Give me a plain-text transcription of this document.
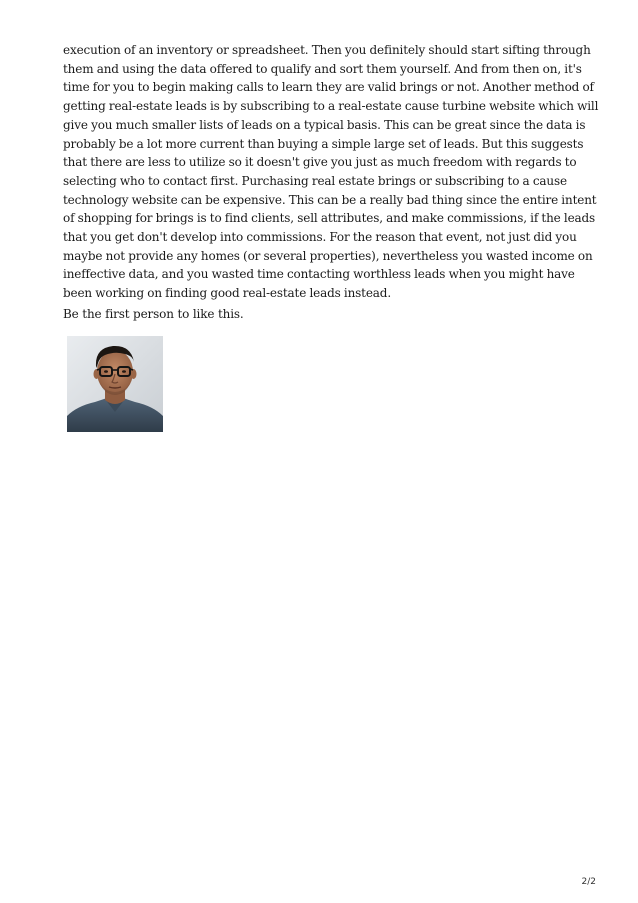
execution of an inventory or spreadsheet. Then you definitely should start sifting through
them and using the data offered to qualify and sort them yourself. And from then on, it's
time for you to begin making calls to learn they are valid brings or not. Another method of
getting real-estate leads is by subscribing to a real-estate cause turbine website which will
give you much smaller lists of leads on a typical basis. This can be great since the data is
probably be a lot more current than buying a simple large set of leads. But this suggests
that there are less to utilize so it doesn't give you just as much freedom with regards to
selecting who to contact first. Purchasing real estate brings or subscribing to a cause
technology website can be expensive. This can be a really bad thing since the entire intent
of shopping for brings is to find clients, sell attributes, and make commissions, if the leads
that you get don't develop into commissions. For the reason that event, not just did you
maybe not provide any homes (or several properties), nevertheless you wasted income on
ineffective data, and you wasted time contacting worthless leads when you might have
been working on finding good real-estate leads instead.

Be the first person to like this.

2/2
